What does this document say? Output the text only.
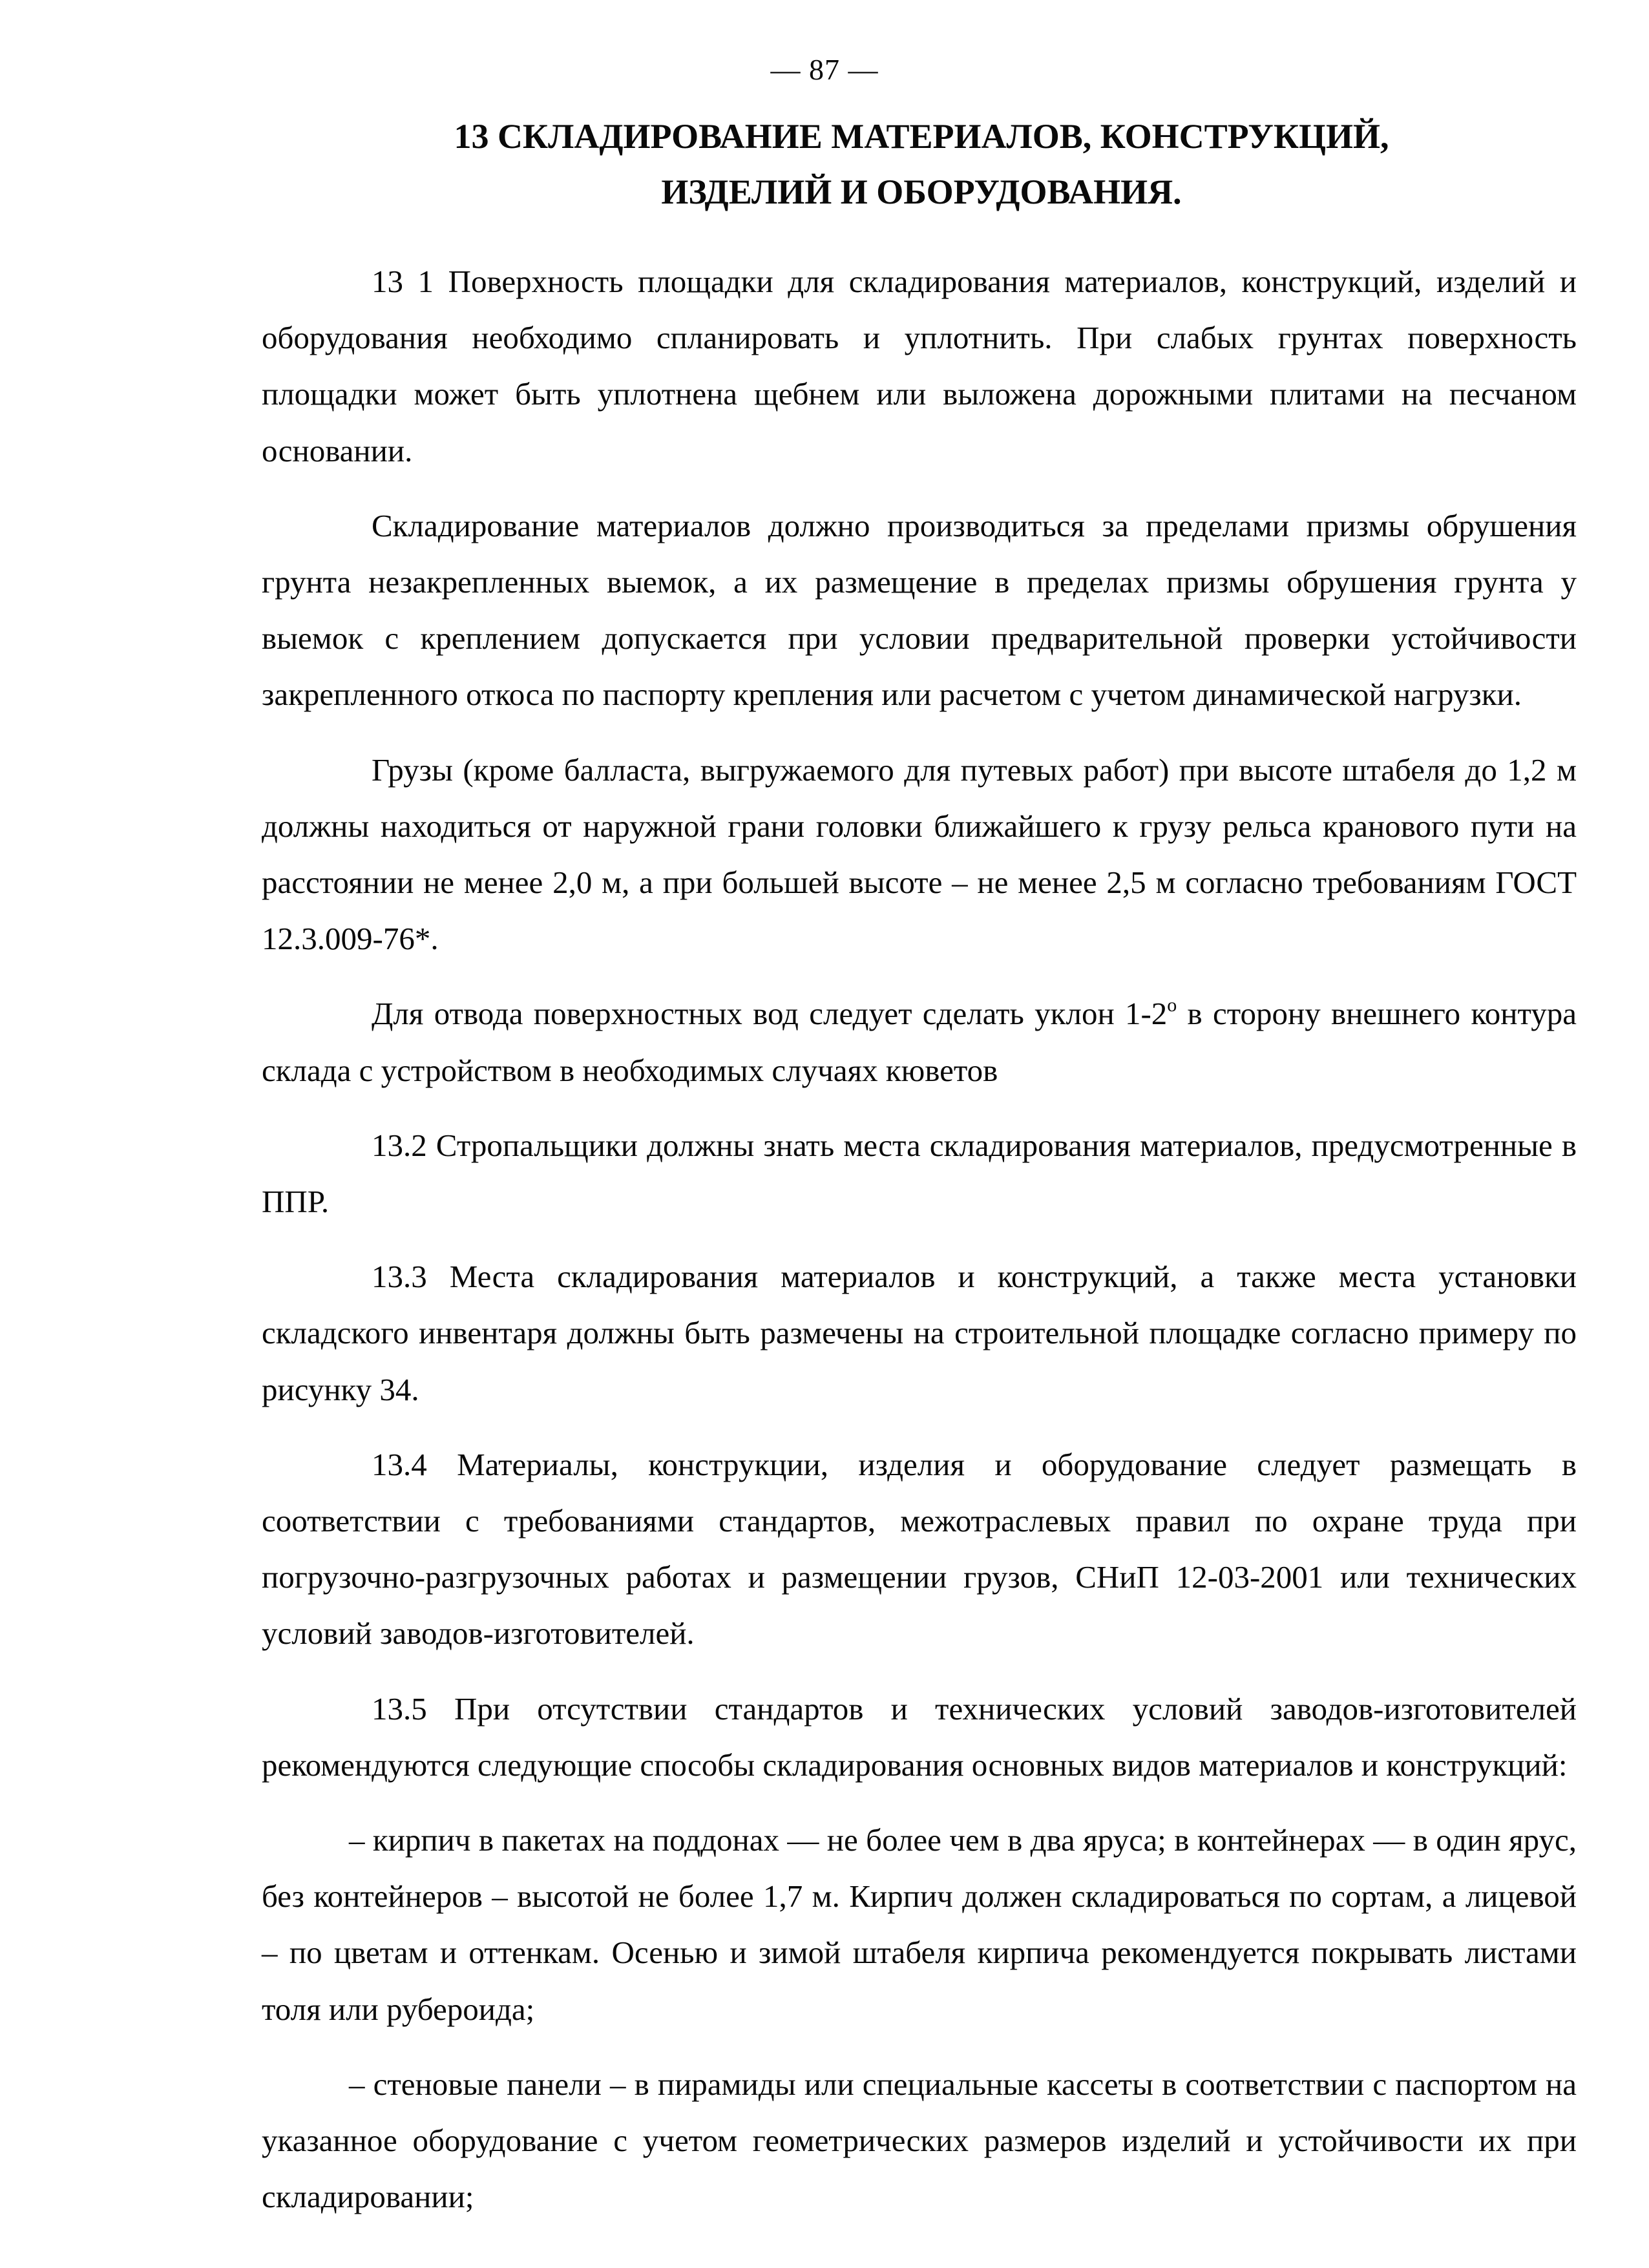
— 87 —
13 СКЛАДИРОВАНИЕ МАТЕРИАЛОВ, КОНСТРУКЦИЙ,
ИЗДЕЛИЙ И ОБОРУДОВАНИЯ.

13 1 Поверхность площадки для складирования материалов, конструкций, изделий и оборудования необходимо спланировать и уплотнить. При слабых грунтах поверхность площадки может быть уплотнена щебнем или выложена дорожными плитами на песчаном основании.

Складирование материалов должно производиться за пределами призмы обрушения грунта незакрепленных выемок, а их размещение в пределах призмы обрушения грунта у выемок с креплением допускается при условии предварительной проверки устойчивости закрепленного откоса по паспорту крепления или расчетом с учетом динамической нагрузки.

Грузы (кроме балласта, выгружаемого для путевых работ) при высоте штабеля до 1,2 м должны находиться от наружной грани головки ближайшего к грузу рельса кранового пути на расстоянии не менее 2,0 м, а при большей высоте – не менее 2,5 м согласно требованиям ГОСТ 12.3.009-76*.

Для отвода поверхностных вод следует сделать уклон $1-2^о$ в сторону внешнего контура склада с устройством в необходимых случаях кюветов

13.2 Стропальщики должны знать места складирования материалов, предусмотренные в ППР.

13.3 Места складирования материалов и конструкций, а также места установки складского инвентаря должны быть размечены на строительной площадке согласно примеру по рисунку 34.

13.4 Материалы, конструкции, изделия и оборудование следует размещать в соответствии с требованиями стандартов, межотраслевых правил по охране труда при погрузочно-разгрузочных работах и размещении грузов, СНиП 12-03-2001 или технических условий заводов-изготовителей.

13.5 При отсутствии стандартов и технических условий заводов-изготовителей рекомендуются следующие способы складирования основных видов материалов и конструкций:

– кирпич в пакетах на поддонах — не более чем в два яруса; в контейнерах — в один ярус, без контейнеров – высотой не более 1,7 м. Кирпич должен складироваться по сортам, а лицевой – по цветам и оттенкам. Осенью и зимой штабеля кирпича рекомендуется покрывать листами толя или рубероида;

– стеновые панели – в пирамиды или специальные кассеты в соответствии с паспортом на указанное оборудование с учетом геометрических размеров изделий и устойчивости их при складировании;
